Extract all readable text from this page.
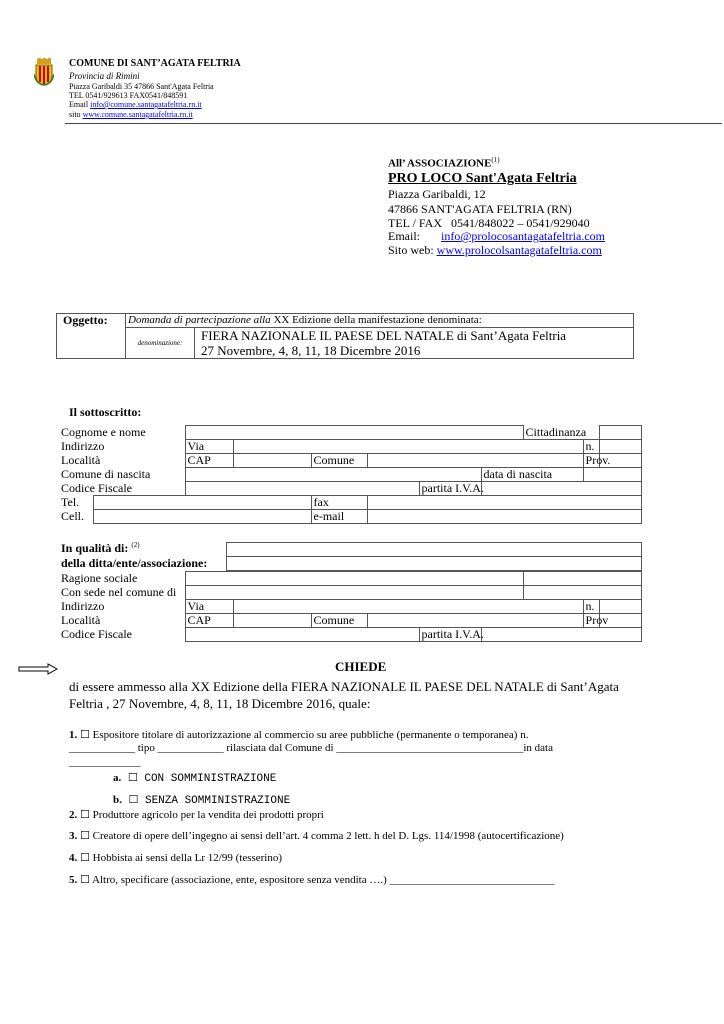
COMUNE DI SANT’AGATA FELTRIA
Provincia di Rimini
Piazza Garibaldi 35 47866 Sant'Agata Feltria
TEL 0541/929613 FAX0541/848591
Email info@comune.santagatafeltria.rn.it
sito www.comune.santagatafeltria.rn.it
All’ ASSOCIAZIONE$^{(1)}$
PRO LOCO Sant'Agata Feltria
Piazza Garibaldi, 12
47866 SANT'AGATA FELTRIA (RN)
TEL / FAX   0541/848022 – 0541/929040
Email: info@prolocosantagatafeltria.com
Sito web: www.prolocolsantagatafeltria.com
Oggetto:	Domanda di partecipazione alla XX Edizione della manifestazione denominata:	
	denominazione:	FIERA NAZIONALE IL PAESE DEL NATALE di Sant’Agata Feltria
27 Novembre, 4, 8, 11, 18 Dicembre 2016
Il sottoscritto:
Cognome e nome								Cittadinanza		
Indirizzo		Via							n.	
Località		CAP		Comune					Prov.	
Comune di nascita							data di nascita			
Codice Fiscale						partita I.V.A.				
Tel.				fax						
Cell.				e-mail						
In qualità di: $^{(2)}$
della ditta/ente/associazione:
Ragione sociale									
Con sede nel comune di									
Indirizzo	Via							n.	
Località	CAP		Comune					Prov	
Codice Fiscale					partita I.V.A.				
CHIEDE
di essere ammesso alla XX Edizione della FIERA NAZIONALE IL PAESE DEL NATALE di Sant’Agata
Feltria , 27 Novembre, 4, 8, 11, 18 Dicembre 2016, quale:
1. ☐ Espositore titolare di autorizzazione al commercio su aree pubbliche (permanente o temporanea) n.
____________ tipo ____________ rilasciata dal Comune di __________________________________in data
_____________
a. ☐ CON SOMMINISTRAZIONE
b. ☐ SENZA SOMMINISTRAZIONE
2. ☐ Produttore agricolo per la vendita dei prodotti propri
3. ☐ Creatore di opere dell’ingegno ai sensi dell’art. 4 comma 2 lett. h del D. Lgs. 114/1998 (autocertificazione)
4. ☐ Hobbista ai sensi della Lr 12/99 (tesserino)
5. ☐ Altro, specificare (associazione, ente, espositore senza vendita ….) ______________________________
